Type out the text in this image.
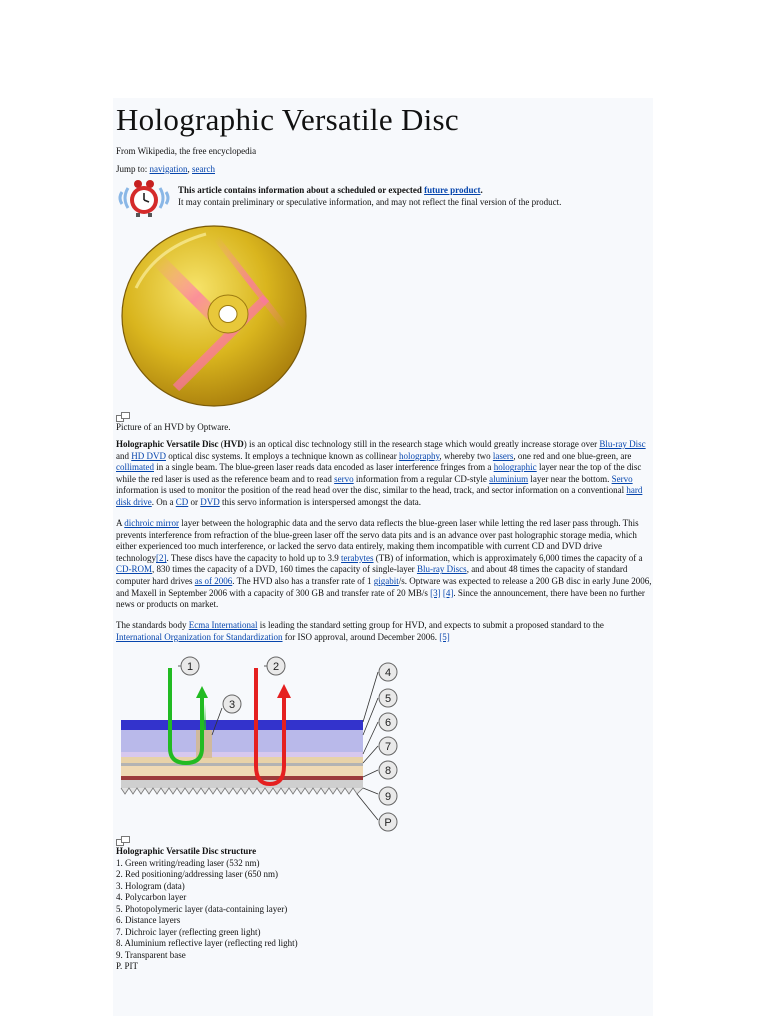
Holographic Versatile Disc
From Wikipedia, the free encyclopedia
Jump to: navigation, search
This article contains information about a scheduled or expected future product.
It may contain preliminary or speculative information, and may not reflect the final version of the product.
Picture of an HVD by Optware.

Holographic Versatile Disc (HVD) is an optical disc technology still in the research stage which would greatly increase storage over Blu-ray Disc and HD DVD optical disc systems. It employs a technique known as collinear holography, whereby two lasers, one red and one blue-green, are collimated in a single beam. The blue-green laser reads data encoded as laser interference fringes from a holographic layer near the top of the disc while the red laser is used as the reference beam and to read servo information from a regular CD-style aluminium layer near the bottom. Servo information is used to monitor the position of the read head over the disc, similar to the head, track, and sector information on a conventional hard disk drive. On a CD or DVD this servo information is interspersed amongst the data.

A dichroic mirror layer between the holographic data and the servo data reflects the blue-green laser while letting the red laser pass through. This prevents interference from refraction of the blue-green laser off the servo data pits and is an advance over past holographic storage media, which either experienced too much interference, or lacked the servo data entirely, making them incompatible with current CD and DVD drive technology[2]. These discs have the capacity to hold up to 3.9 terabytes (TB) of information, which is approximately 6,000 times the capacity of a CD-ROM, 830 times the capacity of a DVD, 160 times the capacity of single-layer Blu-ray Discs, and about 48 times the capacity of standard computer hard drives as of 2006. The HVD also has a transfer rate of 1 gigabit/s. Optware was expected to release a 200 GB disc in early June 2006, and Maxell in September 2006 with a capacity of 300 GB and transfer rate of 20 MB/s [3] [4]. Since the announcement, there have been no further news or products on market.

The standards body Ecma International is leading the standard setting group for HVD, and expects to submit a proposed standard to the International Organization for Standardization for ISO approval, around December 2006. [5]

1	2
3
4
5
6
7
8
9
P
Holographic Versatile Disc structure
1. Green writing/reading laser (532 nm)
2. Red positioning/addressing laser (650 nm)
3. Hologram (data)
4. Polycarbon layer
5. Photopolymeric layer (data-containing layer)
6. Distance layers
7. Dichroic layer (reflecting green light)
8. Aluminium reflective layer (reflecting red light)
9. Transparent base
P. PIT
